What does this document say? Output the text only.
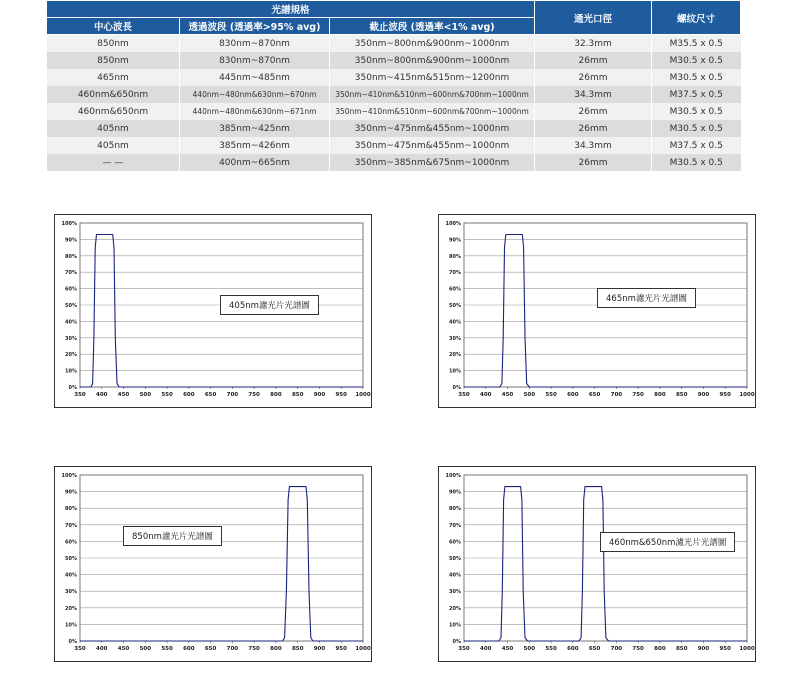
光譜規格			通光口徑	螺纹尺寸
中心波長	透過波段 (透過率>95% avg)	截止波段 (透過率<1% avg)		
850nm	830nm~870nm	350nm~800nm&900nm~1000nm	32.3mm	M35.5 x 0.5
850nm	830nm~870nm	350nm~800nm&900nm~1000nm	26mm	M30.5 x 0.5
465nm	445nm~485nm	350nm~415nm&515nm~1200nm	26mm	M30.5 x 0.5
460nm&650nm	440nm~480nm&630nm~670nm	350nm~410nm&510nm~600nm&700nm~1000nm	34.3mm	M37.5 x 0.5
460nm&650nm	440nm~480nm&630nm~671nm	350nm~410nm&510nm~600nm&700nm~1000nm	26mm	M30.5 x 0.5
405nm	385nm~425nm	350nm~475nm&455nm~1000nm	26mm	M30.5 x 0.5
405nm	385nm~426nm	350nm~475nm&455nm~1000nm	34.3mm	M37.5 x 0.5
— —	400nm~665nm	350nm~385nm&675nm~1000nm	26mm	M30.5 x 0.5
0%
10%
20%
30%
40%
50%
60%
70%
80%
90%
100%
350 400 450 500 550 600 650 700 750 800 850 900 950 1000
405nm濾光片光譜圖
0%
10%
20%
30%
40%
50%
60%
70%
80%
90%
100%
350 400 450 500 550 600 650 700 750 800 850 900 950 1000
465nm濾光片光譜圖
0%
10%
20%
30%
40%
50%
60%
70%
80%
90%
100%
350 400 450 500 550 600 650 700 750 800 850 900 950 1000
850nm濾光片光譜圖
0%
10%
20%
30%
40%
50%
60%
70%
80%
90%
100%
350 400 450 500 550 600 650 700 750 800 850 900 950 1000
460nm&650nm濾光片光譜圖
